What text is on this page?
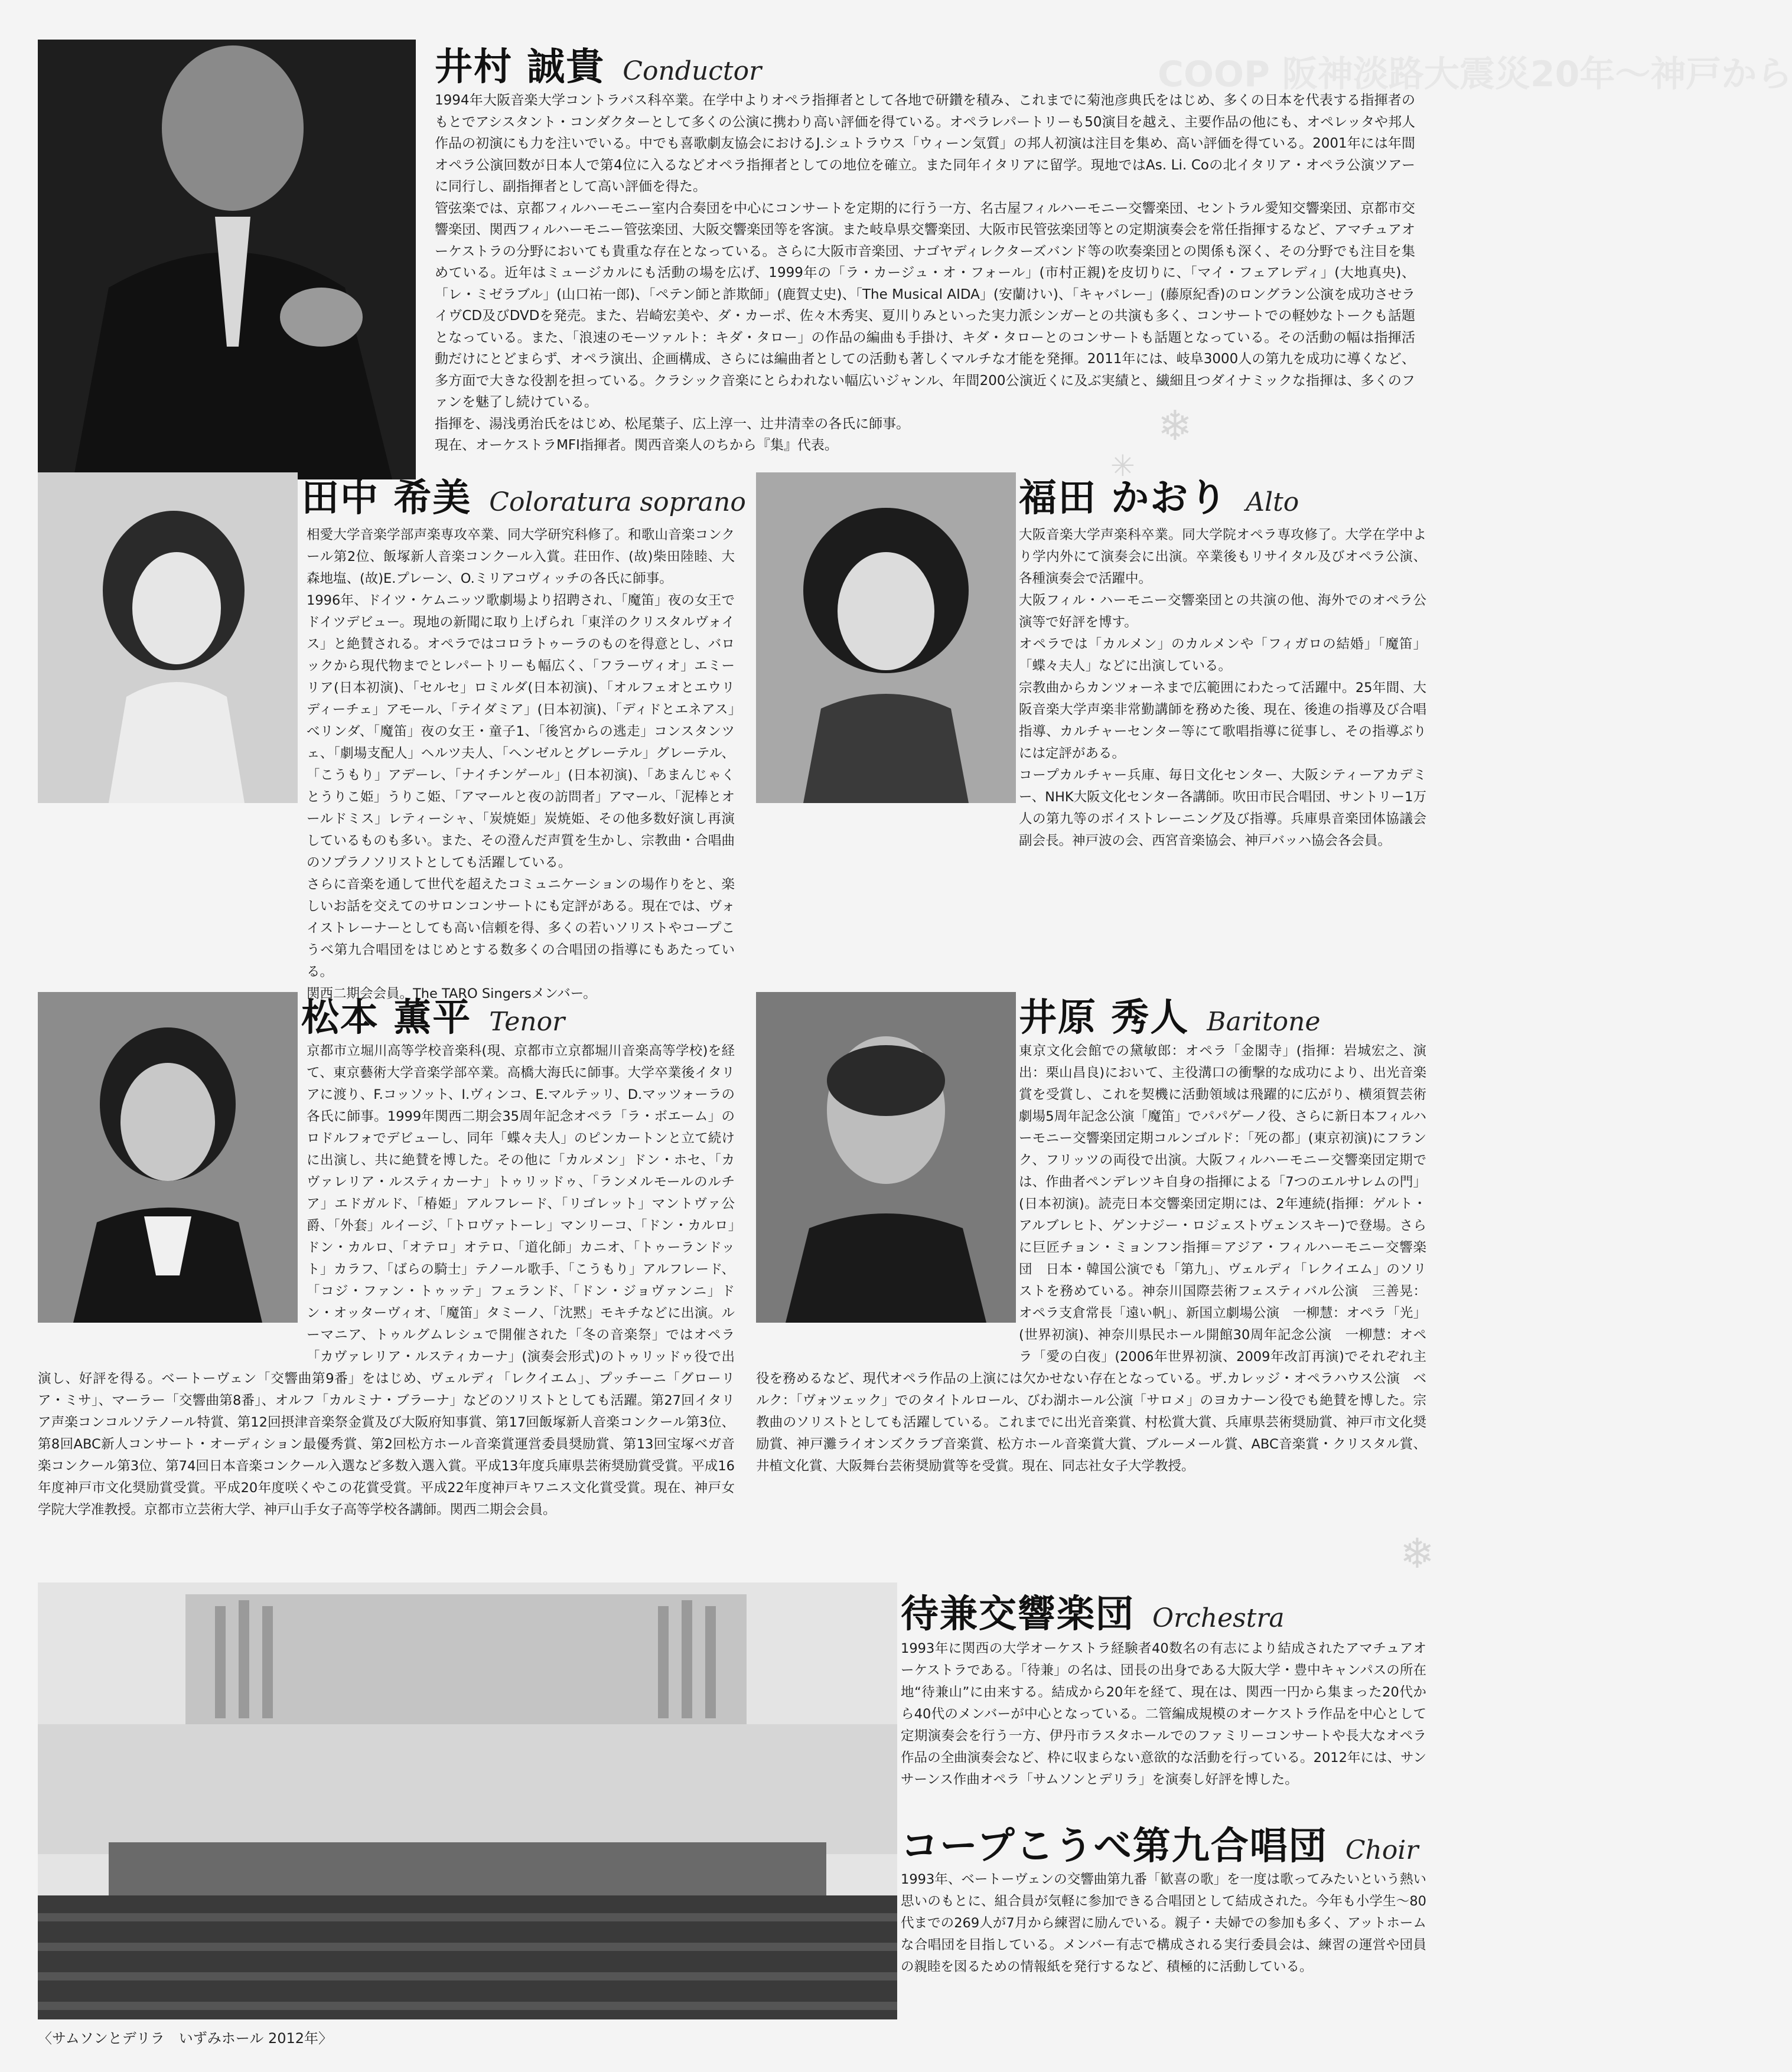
COOP 阪神淡路大震災20年～神戸から
❄
✳
❄
井村 誠貴 Conductor

1994年大阪音楽大学コントラバス科卒業。在学中よりオペラ指揮者として各地で研鑽を積み、これまでに菊池彦典氏をはじめ、多くの日本を代表する指揮者のもとでアシスタント・コンダクターとして多くの公演に携わり高い評価を得ている。オペラレパートリーも50演目を越え、主要作品の他にも、オペレッタや邦人作品の初演にも力を注いでいる。中でも喜歌劇友協会におけるJ.シュトラウス「ウィーン気質」の邦人初演は注目を集め、高い評価を得ている。2001年には年間オペラ公演回数が日本人で第4位に入るなどオペラ指揮者としての地位を確立。また同年イタリアに留学。現地ではAs. Li. Coの北イタリア・オペラ公演ツアーに同行し、副指揮者として高い評価を得た。

管弦楽では、京都フィルハーモニー室内合奏団を中心にコンサートを定期的に行う一方、名古屋フィルハーモニー交響楽団、セントラル愛知交響楽団、京都市交響楽団、関西フィルハーモニー管弦楽団、大阪交響楽団等を客演。また岐阜県交響楽団、大阪市民管弦楽団等との定期演奏会を常任指揮するなど、アマチュアオーケストラの分野においても貴重な存在となっている。さらに大阪市音楽団、ナゴヤディレクターズバンド等の吹奏楽団との関係も深く、その分野でも注目を集めている。近年はミュージカルにも活動の場を広げ、1999年の「ラ・カージュ・オ・フォール」(市村正親)を皮切りに、「マイ・フェアレディ」(大地真央)、「レ・ミゼラブル」(山口祐一郎)、「ペテン師と詐欺師」(鹿賀丈史)、「The Musical AIDA」(安蘭けい)、「キャバレー」(藤原紀香)のロングラン公演を成功させライヴCD及びDVDを発売。また、岩崎宏美や、ダ・カーポ、佐々木秀実、夏川りみといった実力派シンガーとの共演も多く、コンサートでの軽妙なトークも話題となっている。また、「浪速のモーツァルト：キダ・タロー」の作品の編曲も手掛け、キダ・タローとのコンサートも話題となっている。その活動の幅は指揮活動だけにとどまらず、オペラ演出、企画構成、さらには編曲者としての活動も著しくマルチな才能を発揮。2011年には、岐阜3000人の第九を成功に導くなど、多方面で大きな役割を担っている。クラシック音楽にとらわれない幅広いジャンル、年間200公演近くに及ぶ実績と、繊細且つダイナミックな指揮は、多くのファンを魅了し続けている。

指揮を、湯浅勇治氏をはじめ、松尾葉子、広上淳一、辻井清幸の各氏に師事。

現在、オーケストラMFI指揮者。関西音楽人のちから『集』代表。

田中 希美 Coloratura soprano

相愛大学音楽学部声楽専攻卒業、同大学研究科修了。和歌山音楽コンクール第2位、飯塚新人音楽コンクール入賞。荘田作、(故)柴田陸睦、大森地塩、(故)E.プレーン、O.ミリアコヴィッチの各氏に師事。

1996年、ドイツ・ケムニッツ歌劇場より招聘され、「魔笛」夜の女王でドイツデビュー。現地の新聞に取り上げられ「東洋のクリスタルヴォイス」と絶賛される。オペラではコロラトゥーラのものを得意とし、バロックから現代物までとレパートリーも幅広く、「フラーヴィオ」エミーリア(日本初演)、「セルセ」ロミルダ(日本初演)、「オルフェオとエウリディーチェ」アモール、「テイダミア」(日本初演)、「ディドとエネアス」べリンダ、「魔笛」夜の女王・童子1、「後宮からの逃走」コンスタンツェ、「劇場支配人」ヘルツ夫人、「ヘンゼルとグレーテル」グレーテル、「こうもり」アデーレ、「ナイチンゲール」(日本初演)、「あまんじゃくとうりこ姫」うりこ姫、「アマールと夜の訪問者」アマール、「泥棒とオールドミス」レティーシャ、「炭焼姫」炭焼姫、その他多数好演し再演しているものも多い。また、その澄んだ声質を生かし、宗教曲・合唱曲のソプラノソリストとしても活躍している。

さらに音楽を通して世代を超えたコミュニケーションの場作りをと、楽しいお話を交えてのサロンコンサートにも定評がある。現在では、ヴォイストレーナーとしても高い信頼を得、多くの若いソリストやコープこうべ第九合唱団をはじめとする数多くの合唱団の指導にもあたっている。

関西二期会会員。The TARO Singersメンバー。

福田 かおり Alto

大阪音楽大学声楽科卒業。同大学院オペラ専攻修了。大学在学中より学内外にて演奏会に出演。卒業後もリサイタル及びオペラ公演、各種演奏会で活躍中。

大阪フィル・ハーモニー交響楽団との共演の他、海外でのオペラ公演等で好評を博す。

オペラでは「カルメン」のカルメンや「フィガロの結婚」「魔笛」「蝶々夫人」などに出演している。

宗教曲からカンツォーネまで広範囲にわたって活躍中。25年間、大阪音楽大学声楽非常勤講師を務めた後、現在、後進の指導及び合唱指導、カルチャーセンター等にて歌唱指導に従事し、その指導ぶりには定評がある。

コープカルチャー兵庫、毎日文化センター、大阪シティーアカデミー、NHK大阪文化センター各講師。吹田市民合唱団、サントリー1万人の第九等のボイストレーニング及び指導。兵庫県音楽団体協議会副会長。神戸波の会、西宮音楽協会、神戸バッハ協会各会員。

松本 薫平 Tenor

京都市立堀川高等学校音楽科(現、京都市立京都堀川音楽高等学校)を経て、東京藝術大学音楽学部卒業。高橋大海氏に師事。大学卒業後イタリアに渡り、F.コッソット、I.ヴィンコ、E.マルテッリ、D.マッツォーラの各氏に師事。1999年関西二期会35周年記念オペラ「ラ・ボエーム」のロドルフォでデビューし、同年「蝶々夫人」のピンカートンと立て続けに出演し、共に絶賛を博した。その他に「カルメン」ドン・ホセ、「カヴァレリア・ルスティカーナ」トゥリッドゥ、「ランメルモールのルチア」エドガルド、「椿姫」アルフレード、「リゴレット」マントヴァ公爵、「外套」ルイージ、「トロヴァトーレ」マンリーコ、「ドン・カルロ」ドン・カルロ、「オテロ」オテロ、「道化師」カニオ、「トゥーランドット」カラフ、「ばらの騎士」テノール歌手、「こうもり」アルフレード、「コジ・ファン・トゥッテ」フェランド、「ドン・ジョヴァンニ」ドン・オッターヴィオ、「魔笛」タミーノ、「沈黙」モキチなどに出演。ルーマニア、トゥルグムレシュで開催された「冬の音楽祭」ではオペラ「カヴァレリア・ルスティカーナ」(演奏会形式)のトゥリッドゥ役で出演し、好評を得る。ベートーヴェン「交響曲第9番」をはじめ、ヴェルディ「レクイエム」、プッチーニ「グローリア・ミサ」、マーラー「交響曲第8番」、オルフ「カルミナ・ブラーナ」などのソリストとしても活躍。第27回イタリア声楽コンコルソテノール特賞、第12回摂津音楽祭金賞及び大阪府知事賞、第17回飯塚新人音楽コンクール第3位、第8回ABC新人コンサート・オーディション最優秀賞、第2回松方ホール音楽賞運営委員奨励賞、第13回宝塚ベガ音楽コンクール第3位、第74回日本音楽コンクール入選など多数入選入賞。平成13年度兵庫県芸術奨励賞受賞。平成16年度神戸市文化奨励賞受賞。平成20年度咲くやこの花賞受賞。平成22年度神戸キワニス文化賞受賞。現在、神戸女学院大学准教授。京都市立芸術大学、神戸山手女子高等学校各講師。関西二期会会員。

井原 秀人 Baritone

東京文化会館での黛敏郎：オペラ「金閣寺」(指揮：岩城宏之、演出：栗山昌良)において、主役溝口の衝撃的な成功により、出光音楽賞を受賞し、これを契機に活動領域は飛躍的に広がり、横須賀芸術劇場5周年記念公演「魔笛」でパパゲーノ役、さらに新日本フィルハーモニー交響楽団定期コルンゴルド：「死の都」(東京初演)にフランク、フリッツの両役で出演。大阪フィルハーモニー交響楽団定期では、作曲者ペンデレツキ自身の指揮による「7つのエルサレムの門」(日本初演)。読売日本交響楽団定期には、2年連続(指揮：ゲルト・アルブレヒト、ゲンナジー・ロジェストヴェンスキー)で登場。さらに巨匠チョン・ミョンフン指揮＝アジア・フィルハーモニー交響楽団　日本・韓国公演でも「第九」、ヴェルディ「レクイエム」のソリストを務めている。神奈川国際芸術フェスティバル公演　三善晃：オペラ支倉常長「遠い帆」、新国立劇場公演　一柳慧：オペラ「光」(世界初演)、神奈川県民ホール開館30周年記念公演　一柳慧：オペラ「愛の白夜」(2006年世界初演、2009年改訂再演)でそれぞれ主役を務めるなど、現代オペラ作品の上演には欠かせない存在となっている。ザ.カレッジ・オペラハウス公演　ベルク：「ヴォツェック」でのタイトルロール、びわ湖ホール公演「サロメ」のヨカナーン役でも絶賛を博した。宗教曲のソリストとしても活躍している。これまでに出光音楽賞、村松賞大賞、兵庫県芸術奨励賞、神戸市文化奨励賞、神戸灘ライオンズクラブ音楽賞、松方ホール音楽賞大賞、ブルーメール賞、ABC音楽賞・クリスタル賞、井植文化賞、大阪舞台芸術奨励賞等を受賞。現在、同志社女子大学教授。

〈サムソンとデリラ　いずみホール 2012年〉
待兼交響楽団 Orchestra

1993年に関西の大学オーケストラ経験者40数名の有志により結成されたアマチュアオーケストラである。「待兼」の名は、団長の出身である大阪大学・豊中キャンパスの所在地“待兼山”に由来する。結成から20年を経て、現在は、関西一円から集まった20代から40代のメンバーが中心となっている。二管編成規模のオーケストラ作品を中心として定期演奏会を行う一方、伊丹市ラスタホールでのファミリーコンサートや長大なオペラ作品の全曲演奏会など、枠に収まらない意欲的な活動を行っている。2012年には、サンサーンス作曲オペラ「サムソンとデリラ」を演奏し好評を博した。

コープこうべ第九合唱団 Choir

1993年、ベートーヴェンの交響曲第九番「歓喜の歌」を一度は歌ってみたいという熱い思いのもとに、組合員が気軽に参加できる合唱団として結成された。今年も小学生～80代までの269人が7月から練習に励んでいる。親子・夫婦での参加も多く、アットホームな合唱団を目指している。メンバー有志で構成される実行委員会は、練習の運営や団員の親睦を図るための情報紙を発行するなど、積極的に活動している。
